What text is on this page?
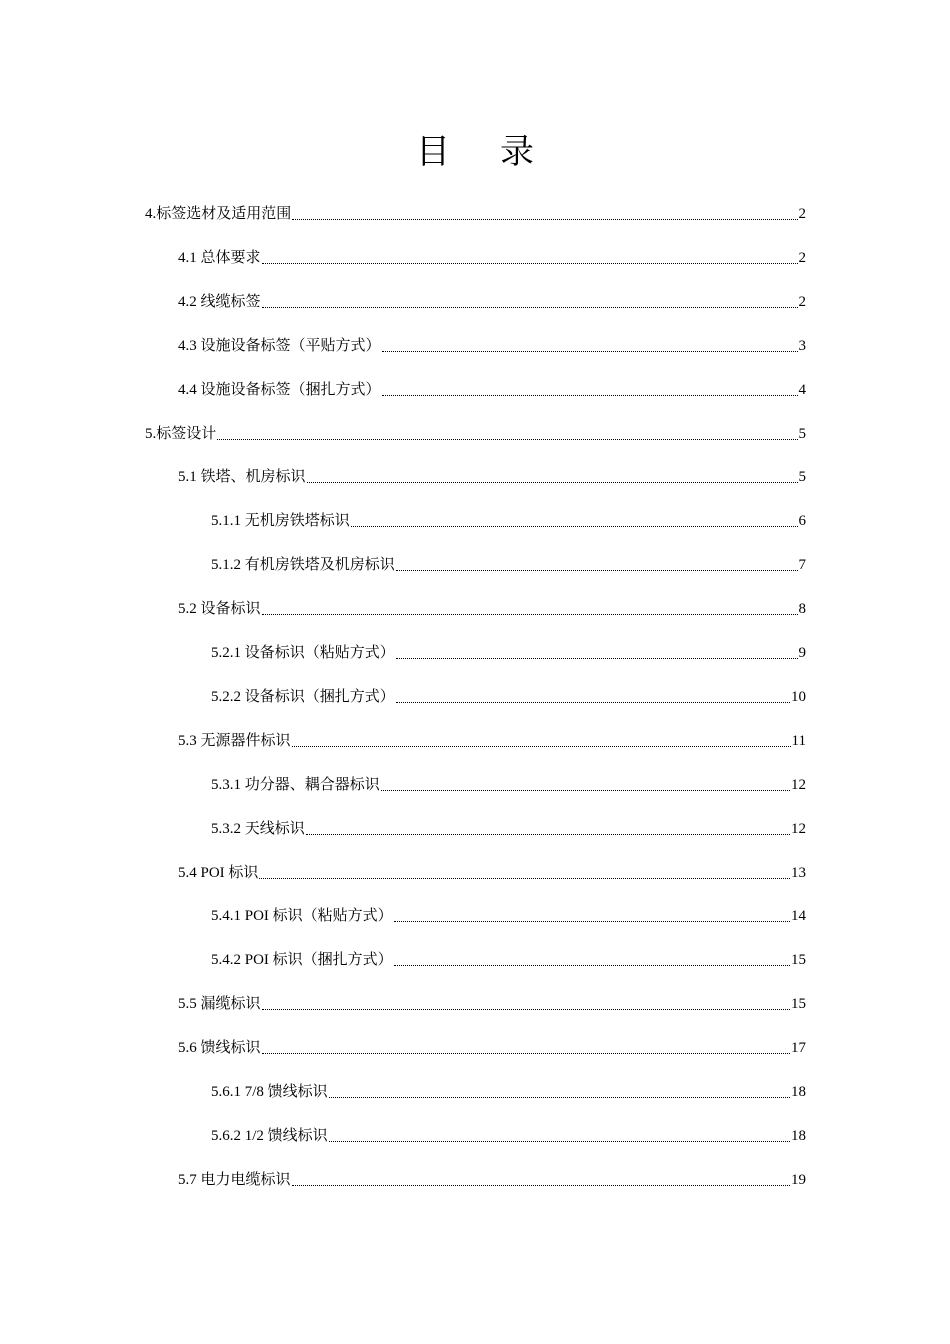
目 录
4.标签选材及适用范围	2
4.1 总体要求	2
4.2 线缆标签	2
4.3 设施设备标签（平贴方式）	3
4.4 设施设备标签（捆扎方式）	4
5.标签设计	5
5.1 铁塔、机房标识	5
5.1.1 无机房铁塔标识	6
5.1.2 有机房铁塔及机房标识	7
5.2 设备标识	8
5.2.1 设备标识（粘贴方式）	9
5.2.2 设备标识（捆扎方式）	10
5.3 无源器件标识	11
5.3.1 功分器、耦合器标识	12
5.3.2 天线标识	12
5.4 POI 标识	13
5.4.1 POI 标识（粘贴方式）	14
5.4.2 POI 标识（捆扎方式）	15
5.5 漏缆标识	15
5.6 馈线标识	17
5.6.1 7/8 馈线标识	18
5.6.2 1/2 馈线标识	18
5.7 电力电缆标识	19
